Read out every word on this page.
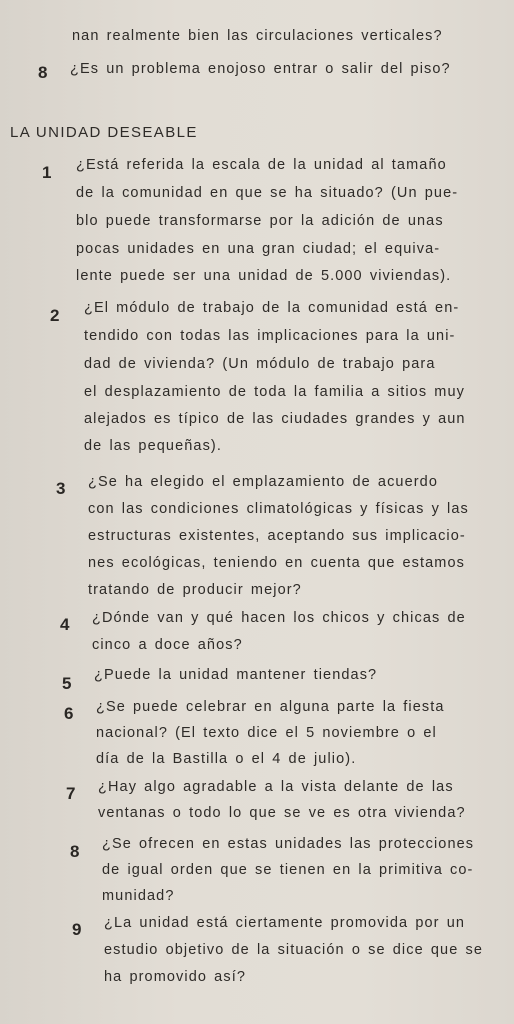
nan realmente bien las circulaciones verticales?
8 ¿Es un problema enojoso entrar o salir del piso?
LA UNIDAD DESEABLE
1 ¿Está referida la escala de la unidad al tamaño
de la comunidad en que se ha situado? (Un pue-
blo puede transformarse por la adición de unas
pocas unidades en una gran ciudad; el equiva-
lente puede ser una unidad de 5.000 viviendas).
2 ¿El módulo de trabajo de la comunidad está en-
tendido con todas las implicaciones para la uni-
dad de vivienda? (Un módulo de trabajo para
el desplazamiento de toda la familia a sitios muy
alejados es típico de las ciudades grandes y aun
de las pequeñas).
3 ¿Se ha elegido el emplazamiento de acuerdo
con las condiciones climatológicas y físicas y las
estructuras existentes, aceptando sus implicacio-
nes ecológicas, teniendo en cuenta que estamos
tratando de producir mejor?
4 ¿Dónde van y qué hacen los chicos y chicas de
cinco a doce años?
5 ¿Puede la unidad mantener tiendas?
6 ¿Se puede celebrar en alguna parte la fiesta
nacional? (El texto dice el 5 noviembre o el
día de la Bastilla o el 4 de julio).
7 ¿Hay algo agradable a la vista delante de las
ventanas o todo lo que se ve es otra vivienda?
8 ¿Se ofrecen en estas unidades las protecciones
de igual orden que se tienen en la primitiva co-
munidad?
9 ¿La unidad está ciertamente promovida por un
estudio objetivo de la situación o se dice que se
ha promovido así?
